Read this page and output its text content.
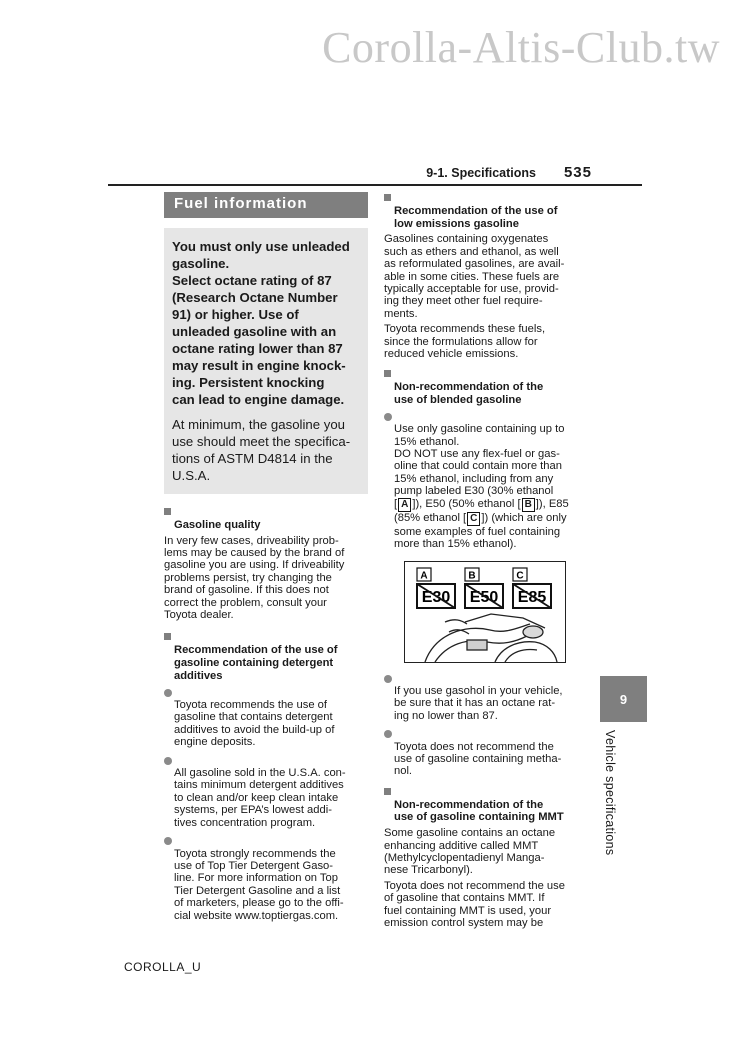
Corolla-Altis-Club.tw
9-1. Specifications 535
Fuel information
You must only use unleaded
gasoline.
Select octane rating of 87
(Research Octane Number
91) or higher. Use of
unleaded gasoline with an
octane rating lower than 87
may result in engine knock-
ing. Persistent knocking
can lead to engine damage.
At minimum, the gasoline you
use should meet the specifica-
tions of ASTM D4814 in the
U.S.A.

Gasoline quality

In very few cases, driveability prob-
lems may be caused by the brand of
gasoline you are using. If driveability
problems persist, try changing the
brand of gasoline. If this does not
correct the problem, consult your
Toyota dealer.

Recommendation of the use of
gasoline containing detergent
additives

Toyota recommends the use of
gasoline that contains detergent
additives to avoid the build-up of
engine deposits.

All gasoline sold in the U.S.A. con-
tains minimum detergent additives
to clean and/or keep clean intake
systems, per EPA’s lowest addi-
tives concentration program.

Toyota strongly recommends the
use of Top Tier Detergent Gaso-
line. For more information on Top
Tier Detergent Gasoline and a list
of marketers, please go to the offi-
cial website www.toptiergas.com.

Recommendation of the use of
low emissions gasoline

Gasolines containing oxygenates
such as ethers and ethanol, as well
as reformulated gasolines, are avail-
able in some cities. These fuels are
typically acceptable for use, provid-
ing they meet other fuel require-
ments.

Toyota recommends these fuels,
since the formulations allow for
reduced vehicle emissions.

Non-recommendation of the
use of blended gasoline

Use only gasoline containing up to
15% ethanol.
DO NOT use any flex-fuel or gas-
oline that could contain more than
15% ethanol, including from any
pump labeled E30 (30% ethanol
[ A ]), E50 (50% ethanol [ B ]), E85
(85% ethanol [ C ]) (which are only
some examples of fuel containing
more than 15% ethanol).

A	B	C
E30 E50 E85

If you use gasohol in your vehicle,
be sure that it has an octane rat-
ing no lower than 87.

Toyota does not recommend the
use of gasoline containing metha-
nol.

Non-recommendation of the
use of gasoline containing MMT

Some gasoline contains an octane
enhancing additive called MMT
(Methylcyclopentadienyl Manga-
nese Tricarbonyl).

Toyota does not recommend the use
of gasoline that contains MMT. If
fuel containing MMT is used, your
emission control system may be

9
Vehicle specifications
COROLLA_U
